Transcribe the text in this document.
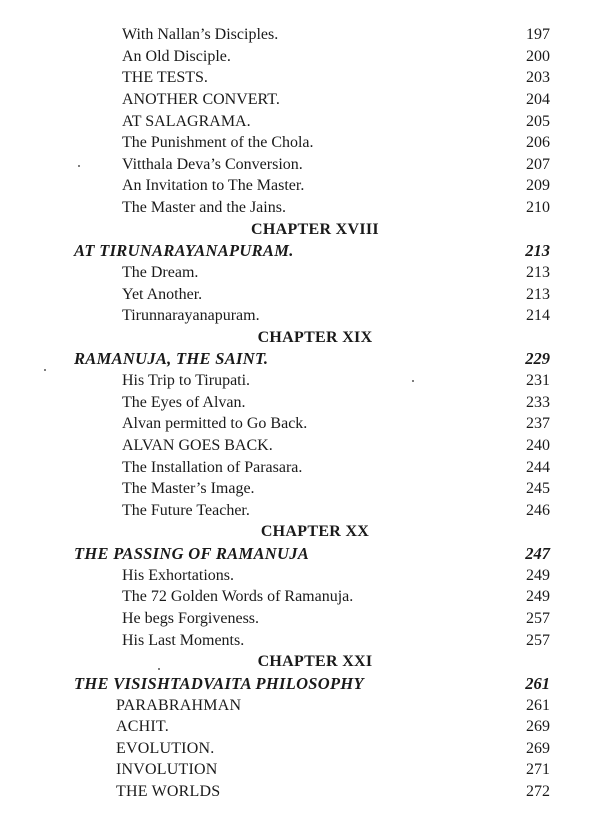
With Nallan’s Disciples.	197
An Old Disciple.	200
THE TESTS.	203
ANOTHER CONVERT.	204
AT SALAGRAMA.	205
The Punishment of the Chola.	206
Vitthala Deva’s Conversion.	207
An Invitation to The Master.	209
The Master and the Jains.	210
CHAPTER XVIII
AT TIRUNARAYANAPURAM.	213
The Dream.	213
Yet Another.	213
Tirunnarayanapuram.	214
CHAPTER XIX
RAMANUJA, THE SAINT.	229
His Trip to Tirupati.	231
The Eyes of Alvan.	233
Alvan permitted to Go Back.	237
ALVAN GOES BACK.	240
The Installation of Parasara.	244
The Master’s Image.	245
The Future Teacher.	246
CHAPTER XX
THE PASSING OF RAMANUJA	247
His Exhortations.	249
The 72 Golden Words of Ramanuja.	249
He begs Forgiveness.	257
His Last Moments.	257
CHAPTER XXI
THE VISISHTADVAITA PHILOSOPHY	261
PARABRAHMAN	261
ACHIT.	269
EVOLUTION.	269
INVOLUTION	271
THE WORLDS	272
